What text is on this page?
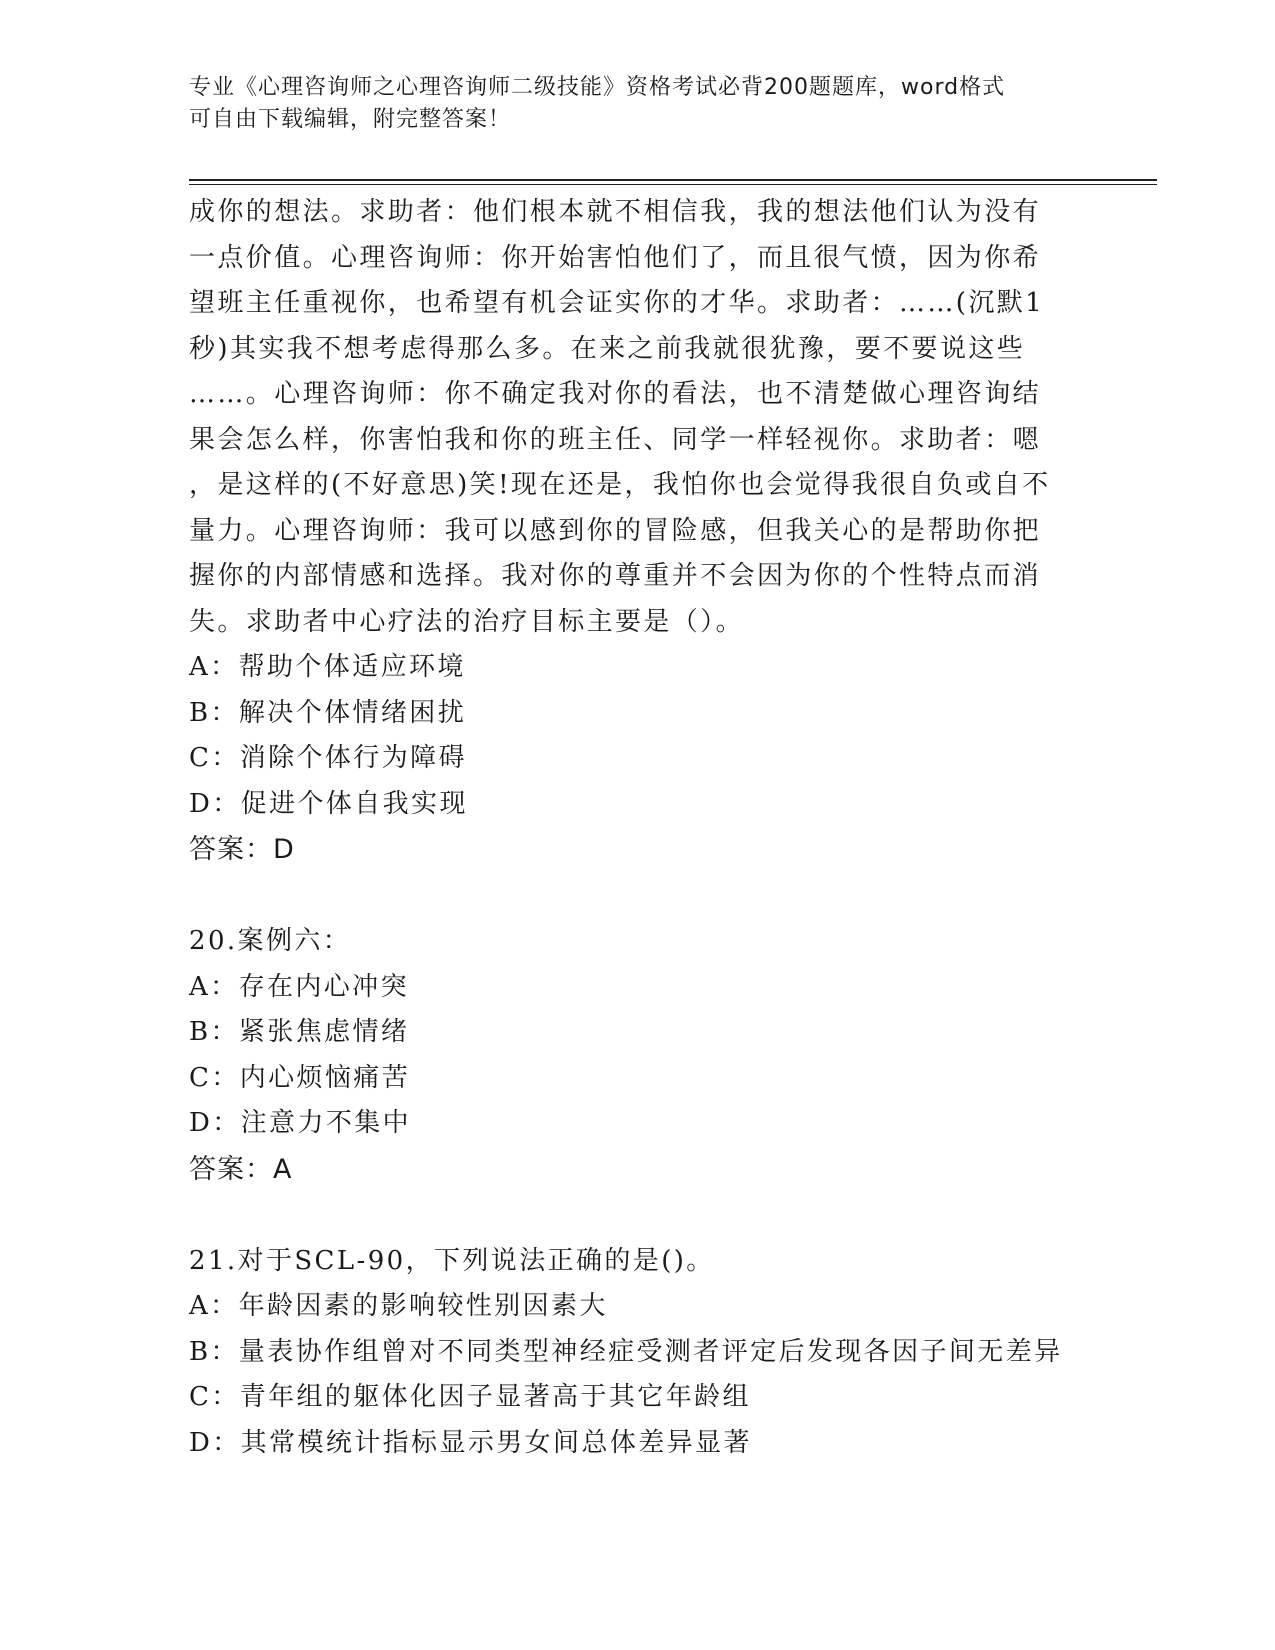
专业《心理咨询师之心理咨询师二级技能》资格考试必背200题题库，word格式
可自由下载编辑，附完整答案！
成你的想法。求助者：他们根本就不相信我，我的想法他们认为没有
一点价值。心理咨询师：你开始害怕他们了，而且很气愤，因为你希
望班主任重视你，也希望有机会证实你的才华。求助者：……(沉默1
秒)其实我不想考虑得那么多。在来之前我就很犹豫，要不要说这些
……。心理咨询师：你不确定我对你的看法，也不清楚做心理咨询结
果会怎么样，你害怕我和你的班主任、同学一样轻视你。求助者：嗯
，是这样的(不好意思)笑!现在还是，我怕你也会觉得我很自负或自不
量力。心理咨询师：我可以感到你的冒险感，但我关心的是帮助你把
握你的内部情感和选择。我对你的尊重并不会因为你的个性特点而消
失。求助者中心疗法的治疗目标主要是（）。
A：帮助个体适应环境
B：解决个体情绪困扰
C：消除个体行为障碍
D：促进个体自我实现
答案：D
20.案例六：
A：存在内心冲突
B：紧张焦虑情绪
C：内心烦恼痛苦
D：注意力不集中
答案：A
21.对于SCL-90，下列说法正确的是()。
A：年龄因素的影响较性别因素大
B：量表协作组曾对不同类型神经症受测者评定后发现各因子间无差异
C：青年组的躯体化因子显著高于其它年龄组
D：其常模统计指标显示男女间总体差异显著
